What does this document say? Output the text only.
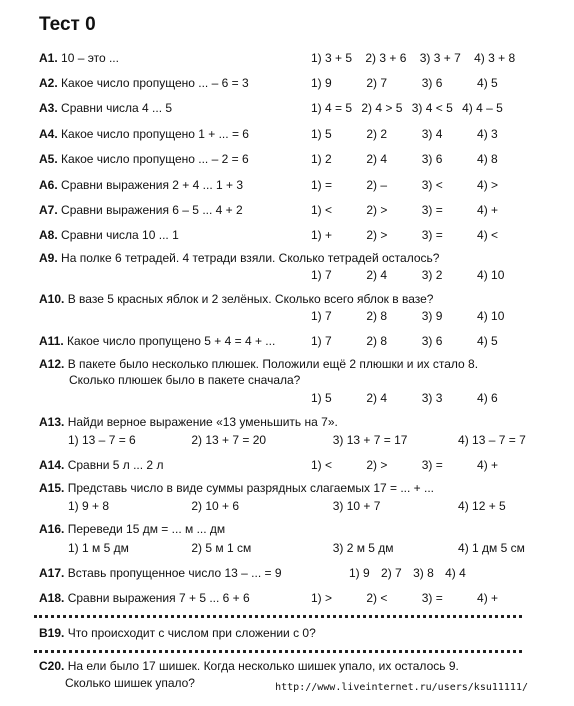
Тест 0
А1. 10 – это ...	1) 3 + 5 2) 3 + 6 3) 3 + 7 4) 3 + 8
А2. Какое число пропущено ... – 6 = 3	1) 9	2) 7	3) 6	4) 5
А3. Сравни числа 4 ... 5	1) 4 = 5 2) 4 > 5 3) 4 < 5 4) 4 – 5
А4. Какое число пропущено 1 + ... = 6	1) 5	2) 2	3) 4	4) 3
А5. Какое число пропущено ... – 2 = 6	1) 2	2) 4	3) 6	4) 8
А6. Сравни выражения 2 + 4 ... 1 + 3	1) =	2) –	3) <	4) >
А7. Сравни выражения 6 – 5 ... 4 + 2	1) <	2) >	3) =	4) +
А8. Сравни числа 10 ... 1	1) +	2) >	3) =	4) <
А9. На полке 6 тетрадей. 4 тетради взяли. Сколько тетрадей осталось?
1) 7	2) 4	3) 2	4) 10
А10. В вазе 5 красных яблок и 2 зелёных. Сколько всего яблок в вазе?
1) 7	2) 8	3) 9	4) 10
А11. Какое число пропущено 5 + 4 = 4 + ...	1) 7	2) 8	3) 6	4) 5
А12. В пакете было несколько плюшек. Положили ещё 2 плюшки и их стало 8.
Сколько плюшек было в пакете сначала?
1) 5	2) 4	3) 3	4) 6
А13. Найди верное выражение «13 уменьшить на 7».
1) 13 – 7 = 6	2) 13 + 7 = 20	3) 13 + 7 = 17	4) 13 – 7 = 7
А14. Сравни 5 л ... 2 л	1) <	2) >	3) =	4) +
А15. Представь число в виде суммы разрядных слагаемых 17 = ... + ...
1) 9 + 8	2) 10 + 6	3) 10 + 7	4) 12 + 5
А16. Переведи 15 дм = ... м ... дм
1) 1 м 5 дм	2) 5 м 1 см	3) 2 м 5 дм	4) 1 дм 5 см
А17. Вставь пропущенное число 13 – ... = 9	1) 9 2) 7 3) 8 4) 4
А18. Сравни выражения 7 + 5 ... 6 + 6	1) >	2) <	3) =	4) +
В19. Что происходит с числом при сложении с 0?
С20. На ели было 17 шишек. Когда несколько шишек упало, их осталось 9.
Сколько шишек упало?	http://www.liveinternet.ru/users/ksu11111/
